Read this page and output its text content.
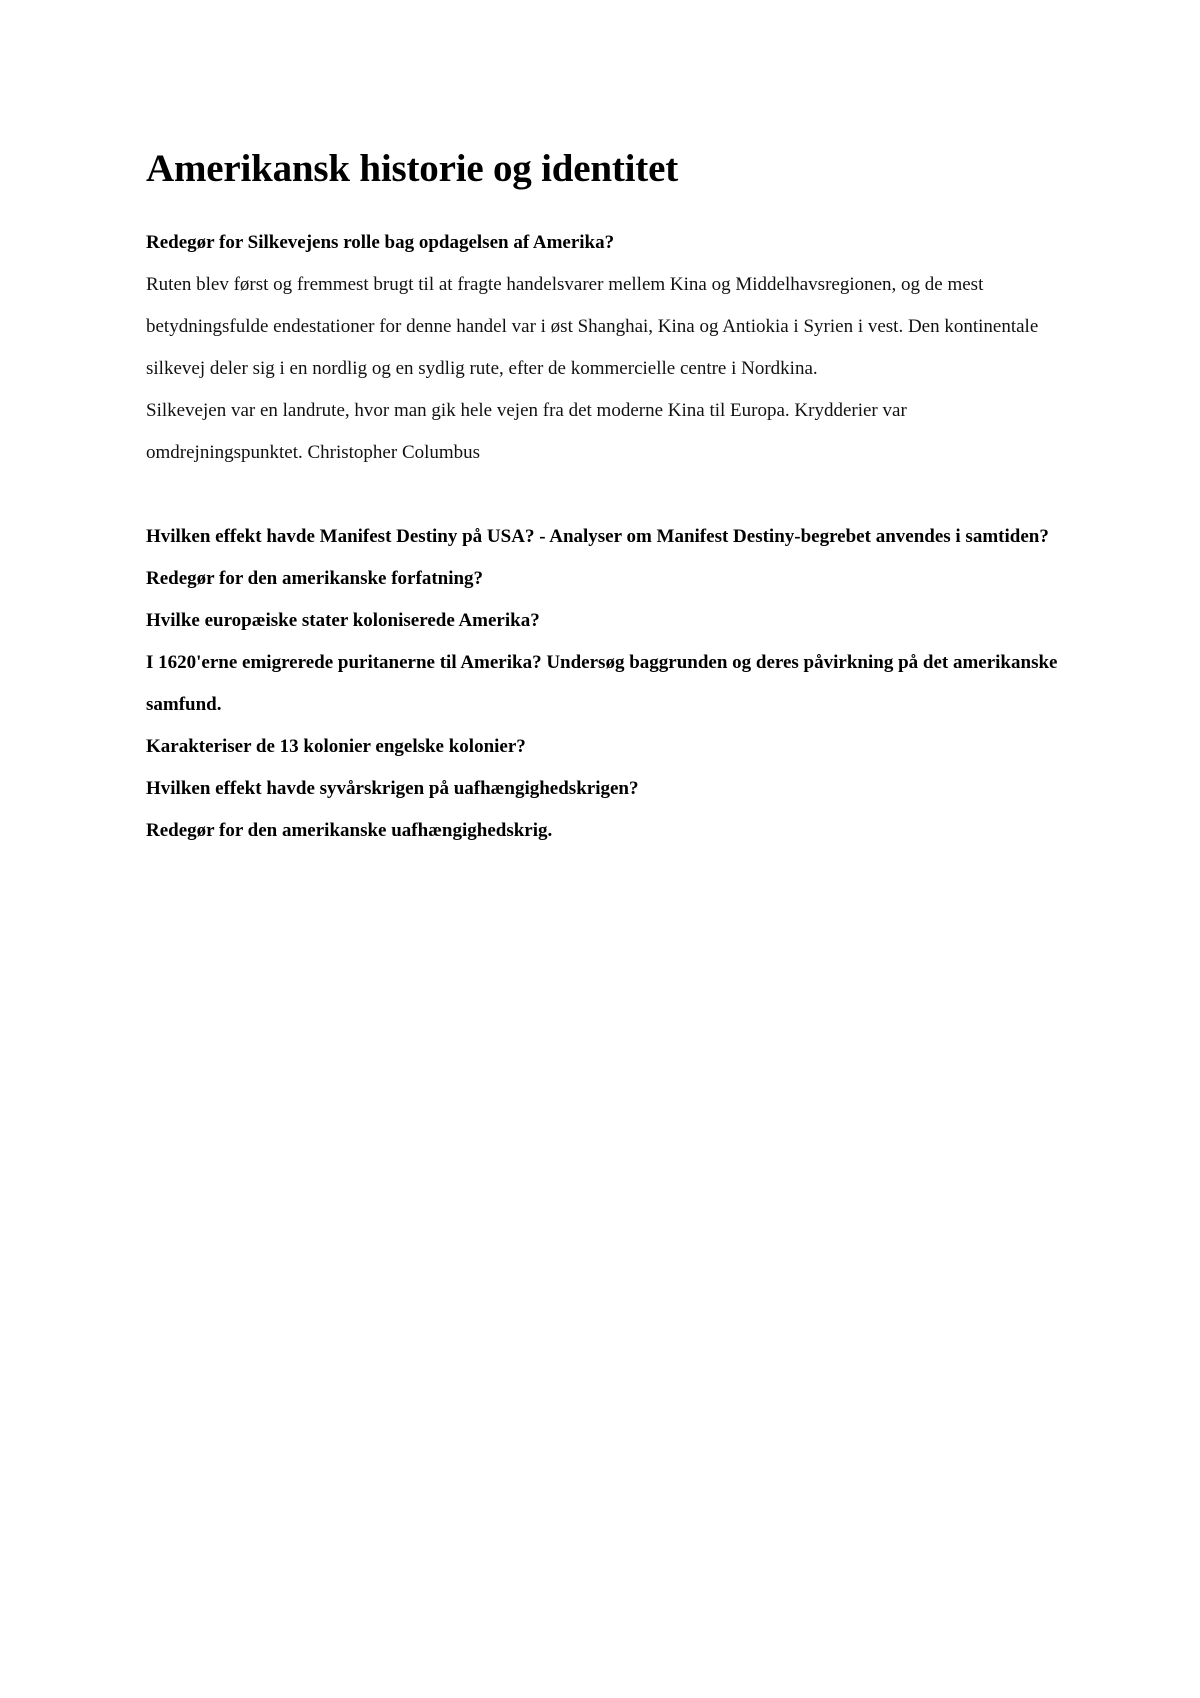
Amerikansk historie og identitet

Redegør for Silkevejens rolle bag opdagelsen af Amerika?

Ruten blev først og fremmest brugt til at fragte handelsvarer mellem Kina og Middelhavsregionen, og de mest betydningsfulde endestationer for denne handel var i øst Shanghai, Kina og Antiokia i Syrien i vest. Den kontinentale silkevej deler sig i en nordlig og en sydlig rute, efter de kommercielle centre i Nordkina.

Silkevejen var en landrute, hvor man gik hele vejen fra det moderne Kina til Europa. Krydderier var omdrejningspunktet. Christopher Columbus

Hvilken effekt havde Manifest Destiny på USA? - Analyser om Manifest Destiny-begrebet anvendes i samtiden?

Redegør for den amerikanske forfatning?

Hvilke europæiske stater koloniserede Amerika?

I 1620'erne emigrerede puritanerne til Amerika? Undersøg baggrunden og deres påvirkning på det amerikanske samfund.

Karakteriser de 13 kolonier engelske kolonier?

Hvilken effekt havde syvårskrigen på uafhængighedskrigen?

Redegør for den amerikanske uafhængighedskrig.
